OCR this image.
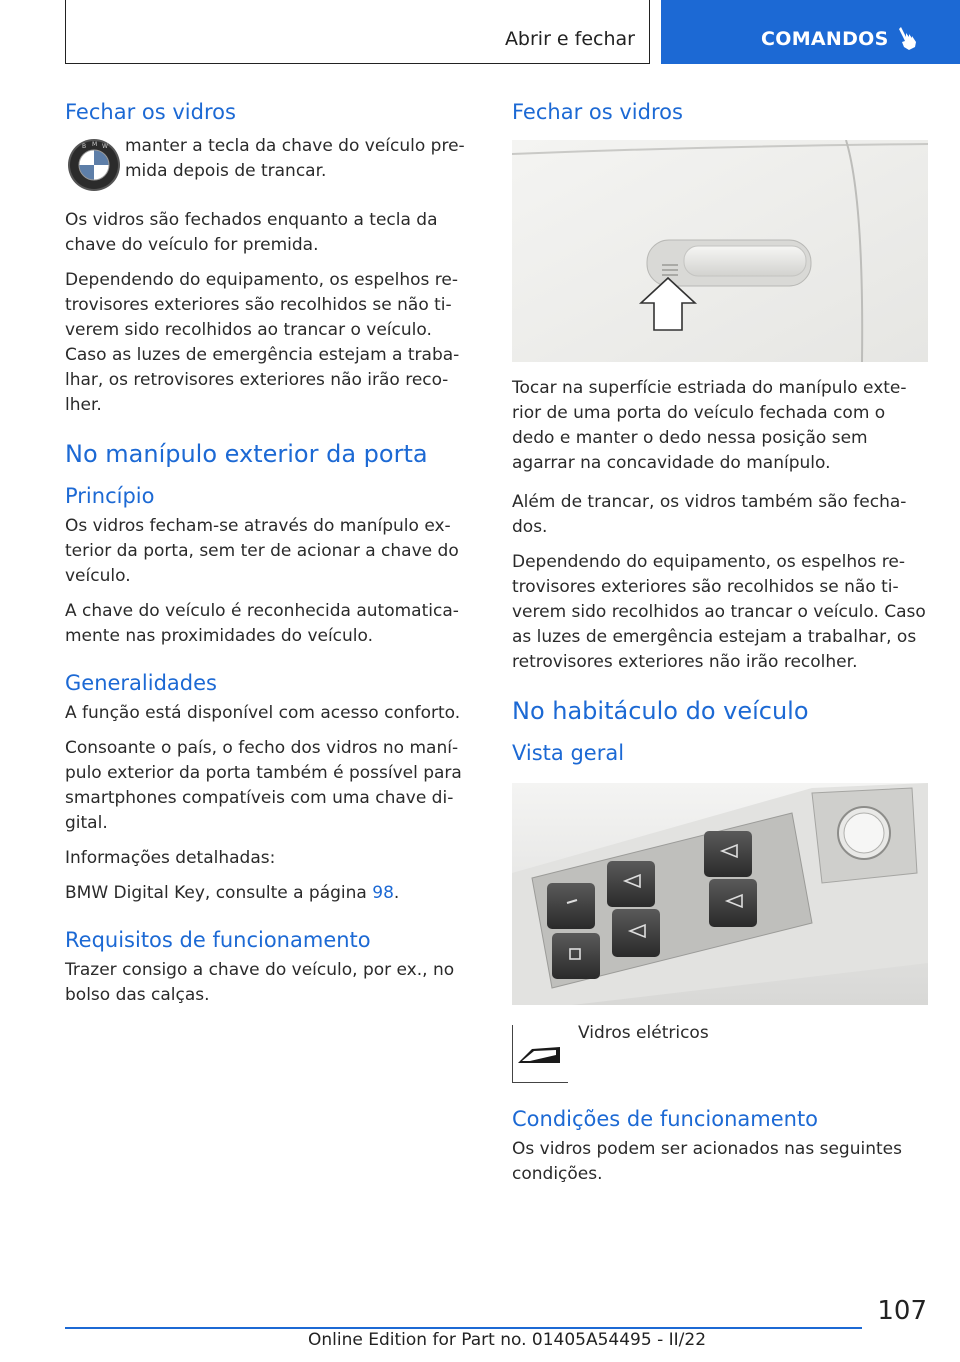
Abrir e fechar	COMANDOS
Fechar os vidros
B M W manter a tecla da chave do veículo premida depois de trancar.

Os vidros são fechados enquanto a tecla da chave do veículo for premida.

Dependendo do equipamento, os espelhos retrovisores exteriores são recolhidos se não tiverem sido recolhidos ao trancar o veículo. Caso as luzes de emergência estejam a trabalhar, os retrovisores exteriores não irão recolher.

No manípulo exterior da porta
Princípio

Os vidros fecham-se através do manípulo exterior da porta, sem ter de acionar a chave do veículo.

A chave do veículo é reconhecida automaticamente nas proximidades do veículo.

Generalidades

A função está disponível com acesso conforto.

Consoante o país, o fecho dos vidros no manípulo exterior da porta também é possível para smartphones compatíveis com uma chave digital.

Informações detalhadas:

BMW Digital Key, consulte a página 98.

Requisitos de funcionamento

Trazer consigo a chave do veículo, por ex., no bolso das calças.

Fechar os vidros

Tocar na superfície estriada do manípulo exterior de uma porta do veículo fechada com o dedo e manter o dedo nessa posição sem agarrar na concavidade do manípulo.

Além de trancar, os vidros também são fechados.

Dependendo do equipamento, os espelhos retrovisores exteriores são recolhidos se não tiverem sido recolhidos ao trancar o veículo. Caso as luzes de emergência estejam a trabalhar, os retrovisores exteriores não irão recolher.

No habitáculo do veículo
Vista geral

Vidros elétricos

Condições de funcionamento

Os vidros podem ser acionados nas seguintes condições.

107
Online Edition for Part no. 01405A54495 - II/22
